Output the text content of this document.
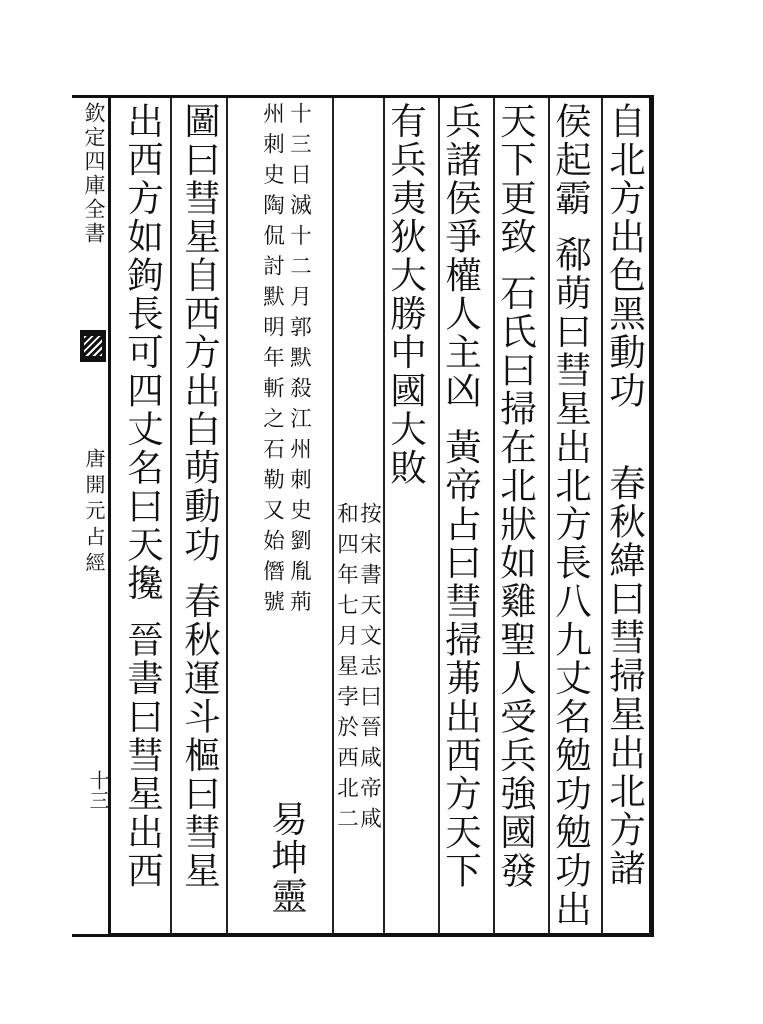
欽定四庫全書
唐開元占經
十三
自北方出色黑動功春秋緯曰彗掃星出北方諸
侯起霸郗萌曰彗星出北方長八九丈名勉功勉功出
天下更致石氏曰掃在北狀如雞聖人受兵強國發
兵諸侯爭權人主凶黃帝占曰彗掃茀出西方天下
有兵夷狄大勝中國大敗
按宋書天文志曰晉咸帝咸
和四年七月星孛於西北二
十三日滅十二月郭默殺江州刺史劉胤荊
州刺史陶侃討默明年斬之石勒又始僭號
易坤靈
圖曰彗星自西方出白萌動功春秋運斗樞曰彗星
出西方如鉤長可四丈名曰天攙晉書曰彗星出西
